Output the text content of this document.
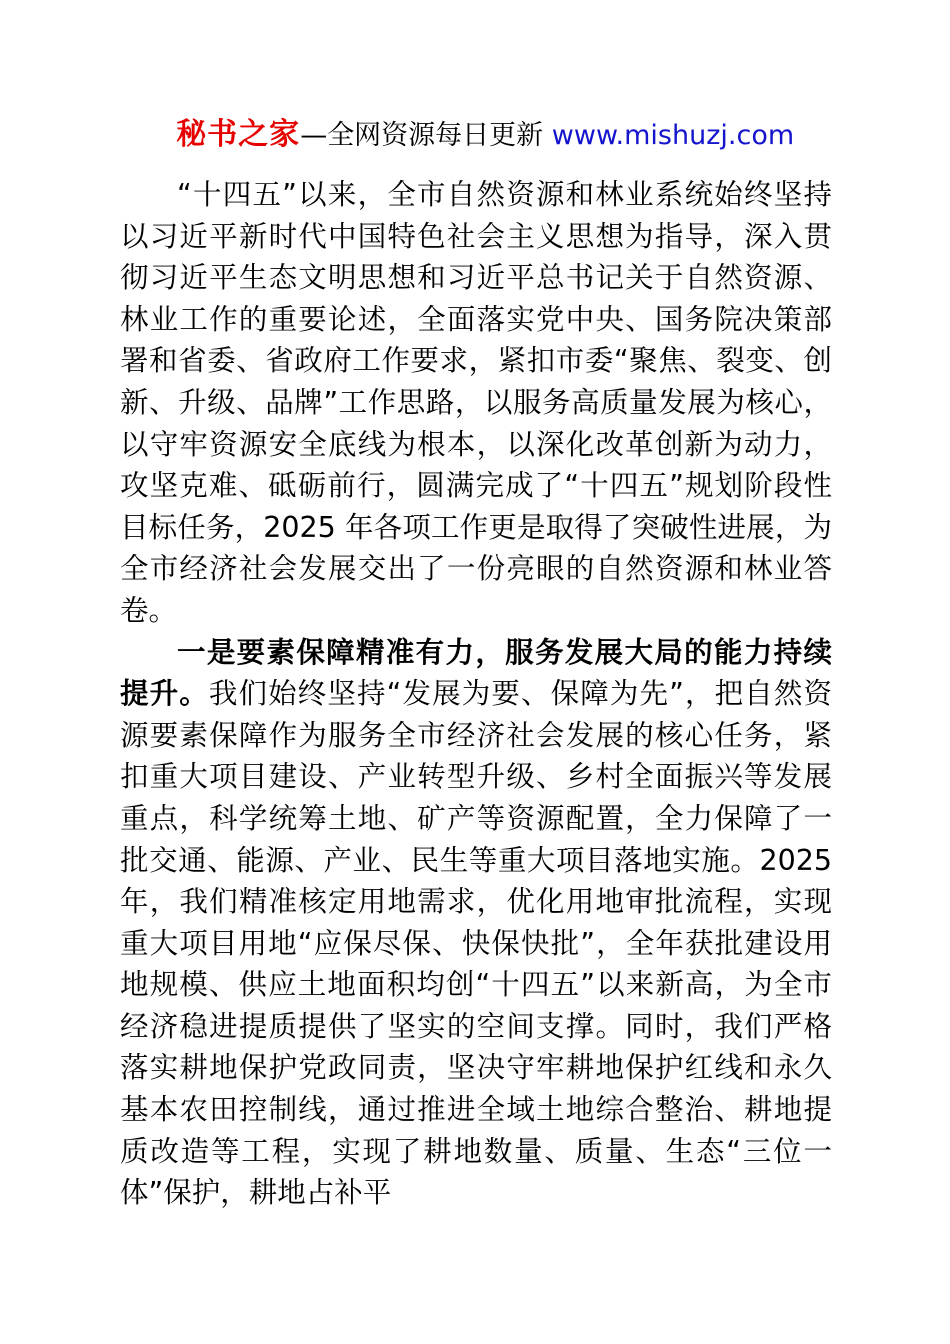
秘书之家—全网资源每日更新 www.mishuzj.com

“十四五”以来，全市自然资源和林业系统始终坚持以习近平新时代中国特色社会主义思想为指导，深入贯彻习近平生态文明思想和习近平总书记关于自然资源、林业工作的重要论述，全面落实党中央、国务院决策部署和省委、省政府工作要求，紧扣市委“聚焦、裂变、创新、升级、品牌”工作思路，以服务高质量发展为核心，以守牢资源安全底线为根本，以深化改革创新为动力，攻坚克难、砥砺前行，圆满完成了“十四五”规划阶段性目标任务，2025 年各项工作更是取得了突破性进展，为全市经济社会发展交出了一份亮眼的自然资源和林业答卷。

一是要素保障精准有力，服务发展大局的能力持续提升。我们始终坚持“发展为要、保障为先”，把自然资源要素保障作为服务全市经济社会发展的核心任务，紧扣重大项目建设、产业转型升级、乡村全面振兴等发展重点，科学统筹土地、矿产等资源配置，全力保障了一批交通、能源、产业、民生等重大项目落地实施。2025 年，我们精准核定用地需求，优化用地审批流程，实现重大项目用地“应保尽保、快保快批”，全年获批建设用地规模、供应土地面积均创“十四五”以来新高，为全市经济稳进提质提供了坚实的空间支撑。同时，我们严格落实耕地保护党政同责，坚决守牢耕地保护红线和永久基本农田控制线，通过推进全域土地综合整治、耕地提质改造等工程，实现了耕地数量、质量、生态“三位一体”保护，耕地占补平
